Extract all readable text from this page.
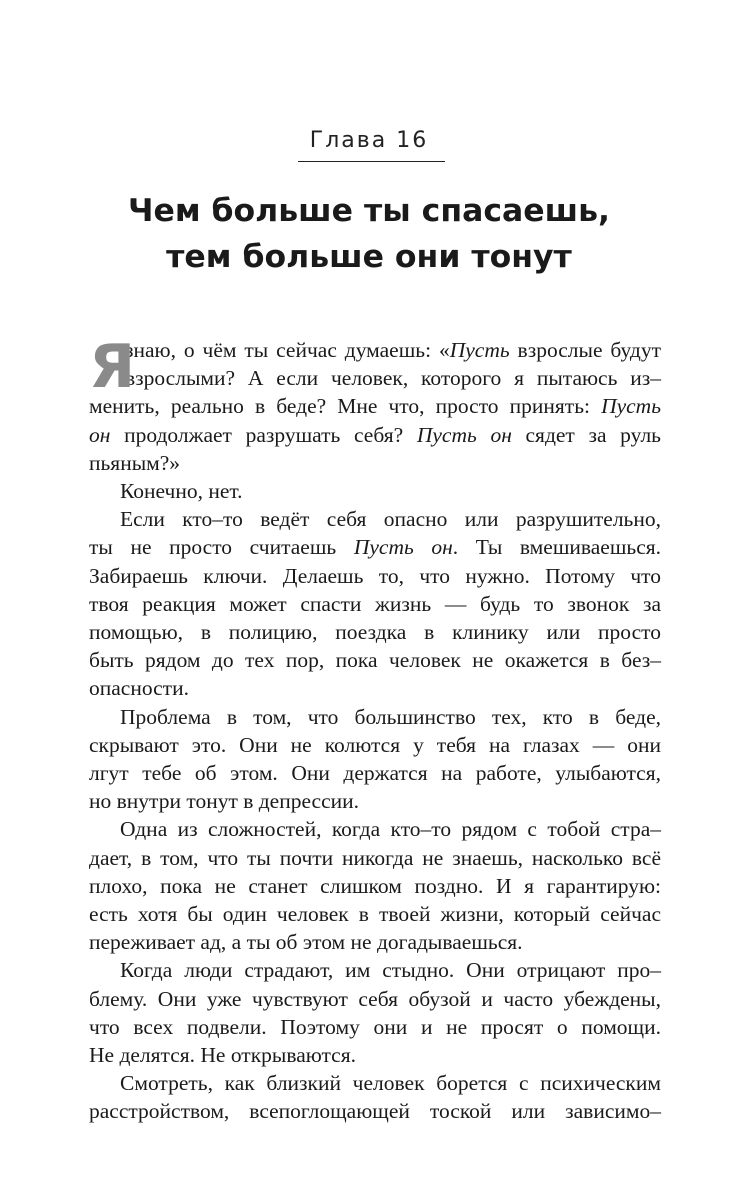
Глава 16
Чем больше ты спасаешь,
тем больше они тонут
Я
знаю, о чём ты сейчас думаешь: «Пусть взрослые будут
взрослыми? А если человек, которого я пытаюсь из–
менить, реально в беде? Мне что, просто принять: Пусть
он продолжает разрушать себя? Пусть он сядет за руль
пьяным?»
Конечно, нет.
Если кто–то ведёт себя опасно или разрушительно,
ты не просто считаешь Пусть он. Ты вмешиваешься.
Забираешь ключи. Делаешь то, что нужно. Потому что
твоя реакция может спасти жизнь — будь то звонок за
помощью, в полицию, поездка в клинику или просто
быть рядом до тех пор, пока человек не окажется в без–
опасности.
Проблема в том, что большинство тех, кто в беде,
скрывают это. Они не колются у тебя на глазах — они
лгут тебе об этом. Они держатся на работе, улыбаются,
но внутри тонут в депрессии.
Одна из сложностей, когда кто–то рядом с тобой стра–
дает, в том, что ты почти никогда не знаешь, насколько всё
плохо, пока не станет слишком поздно. И я гарантирую:
есть хотя бы один человек в твоей жизни, который сейчас
переживает ад, а ты об этом не догадываешься.
Когда люди страдают, им стыдно. Они отрицают про–
блему. Они уже чувствуют себя обузой и часто убеждены,
что всех подвели. Поэтому они и не просят о помощи.
Не делятся. Не открываются.
Смотреть, как близкий человек борется с психическим
расстройством, всепоглощающей тоской или зависимо–
